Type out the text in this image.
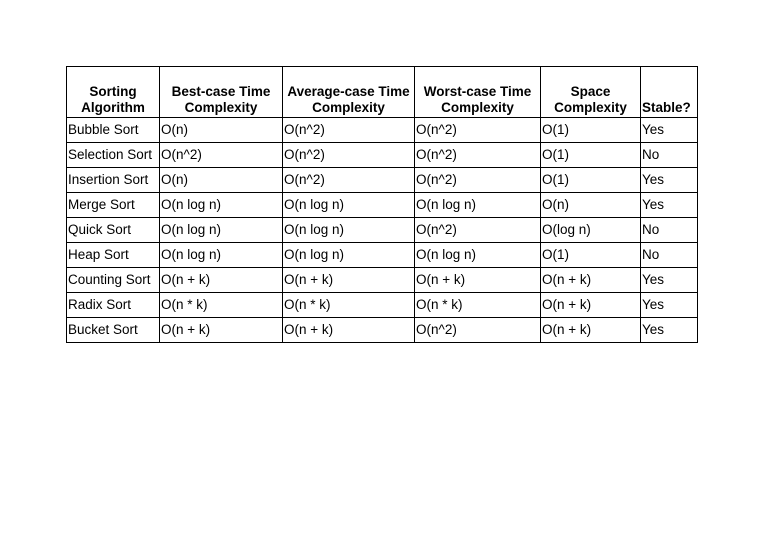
Sorting Algorithm	Best-case Time Complexity	Average-case Time Complexity	Worst-case Time Complexity	Space Complexity	Stable?
Bubble Sort	O(n)	O(n^2)	O(n^2)	O(1)	Yes
Selection Sort	O(n^2)	O(n^2)	O(n^2)	O(1)	No
Insertion Sort	O(n)	O(n^2)	O(n^2)	O(1)	Yes
Merge Sort	O(n log n)	O(n log n)	O(n log n)	O(n)	Yes
Quick Sort	O(n log n)	O(n log n)	O(n^2)	O(log n)	No
Heap Sort	O(n log n)	O(n log n)	O(n log n)	O(1)	No
Counting Sort	O(n + k)	O(n + k)	O(n + k)	O(n + k)	Yes
Radix Sort	O(n * k)	O(n * k)	O(n * k)	O(n + k)	Yes
Bucket Sort	O(n + k)	O(n + k)	O(n^2)	O(n + k)	Yes
